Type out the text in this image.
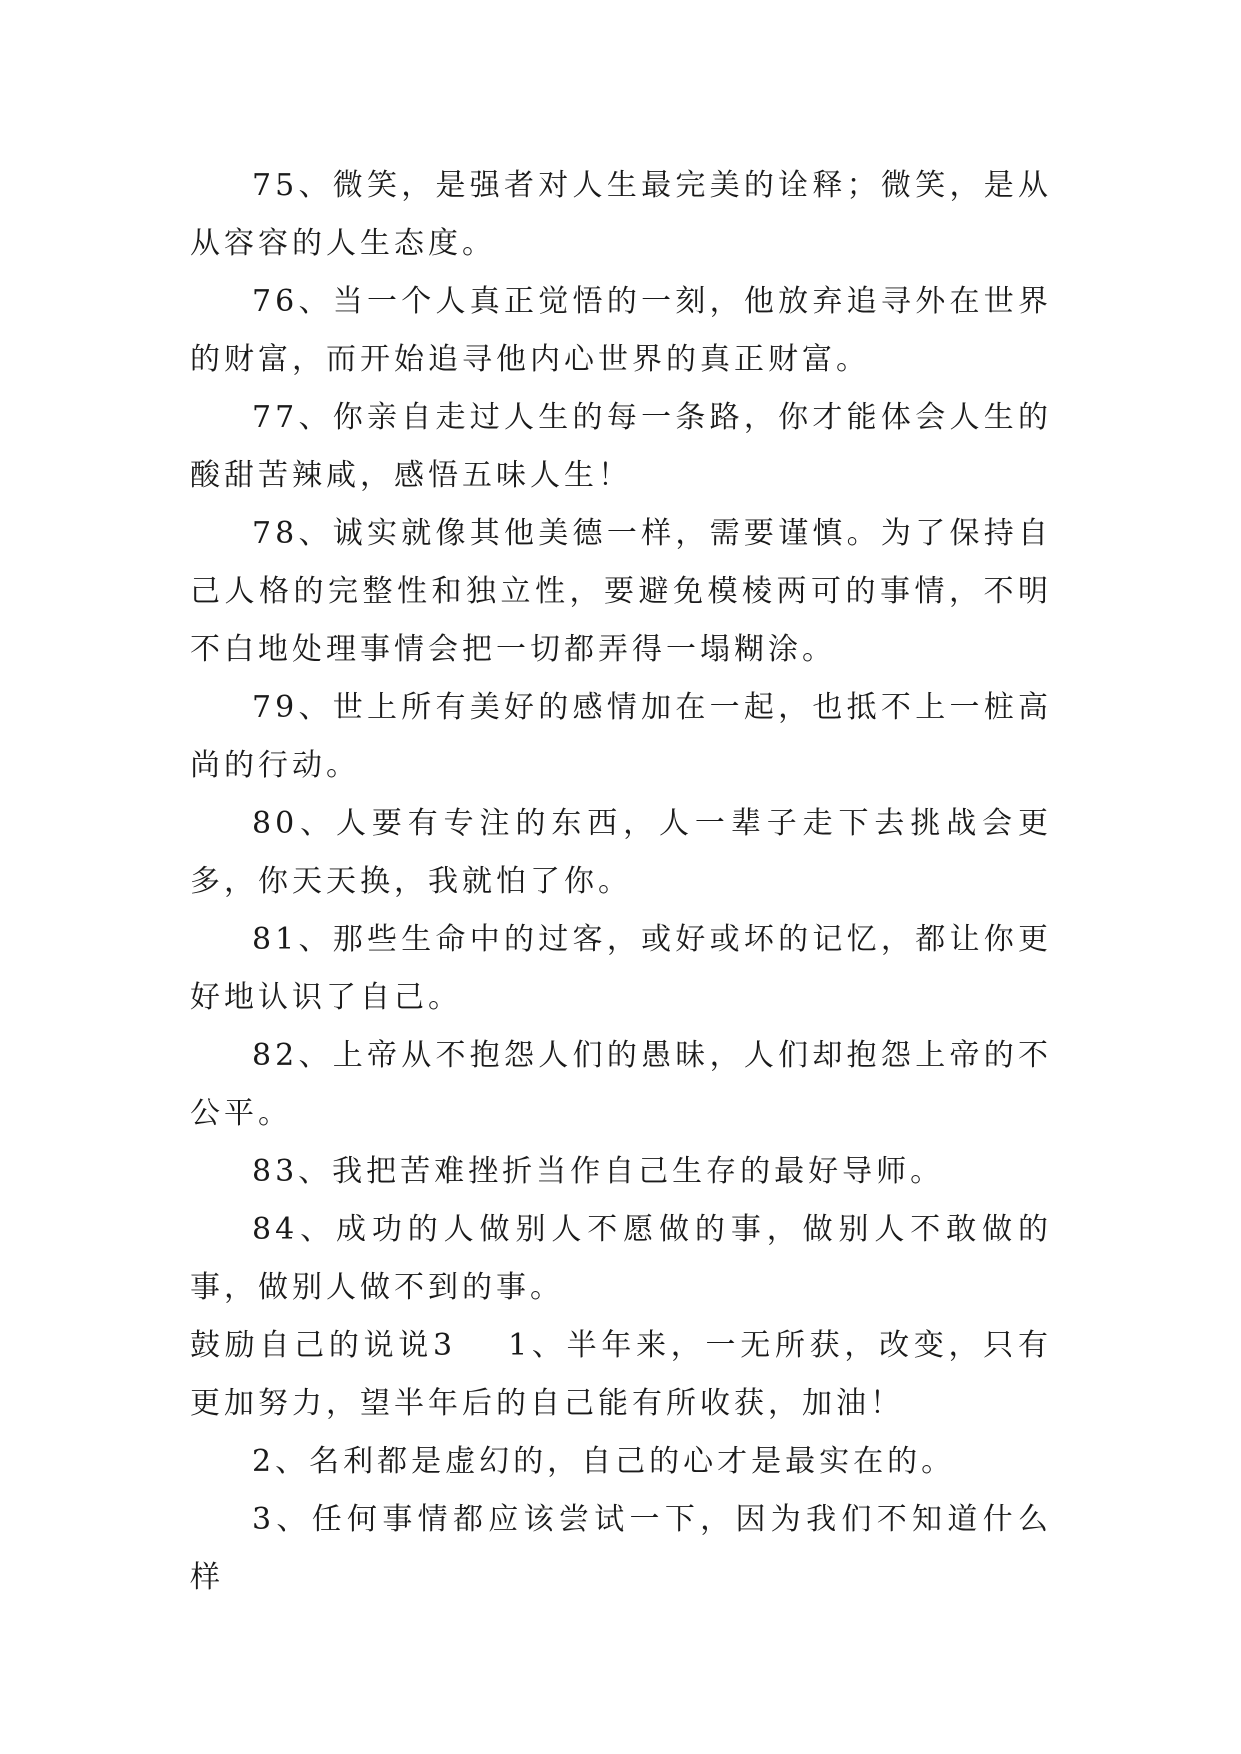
75、微笑，是强者对人生最完美的诠释；微笑，是从从容容的人生态度。

76、当一个人真正觉悟的一刻，他放弃追寻外在世界的财富，而开始追寻他内心世界的真正财富。

77、你亲自走过人生的每一条路，你才能体会人生的酸甜苦辣咸，感悟五味人生！

78、诚实就像其他美德一样，需要谨慎。为了保持自己人格的完整性和独立性，要避免模棱两可的事情，不明不白地处理事情会把一切都弄得一塌糊涂。

79、世上所有美好的感情加在一起，也抵不上一桩高尚的行动。

80、人要有专注的东西，人一辈子走下去挑战会更多，你天天换，我就怕了你。

81、那些生命中的过客，或好或坏的记忆，都让你更好地认识了自己。

82、上帝从不抱怨人们的愚昧，人们却抱怨上帝的不公平。

83、我把苦难挫折当作自己生存的最好导师。

84、成功的人做别人不愿做的事，做别人不敢做的事，做别人做不到的事。

鼓励自己的说说3 1、半年来，一无所获，改变，只有更加努力，望半年后的自己能有所收获，加油！

2、名利都是虚幻的，自己的心才是最实在的。

3、任何事情都应该尝试一下，因为我们不知道什么样
